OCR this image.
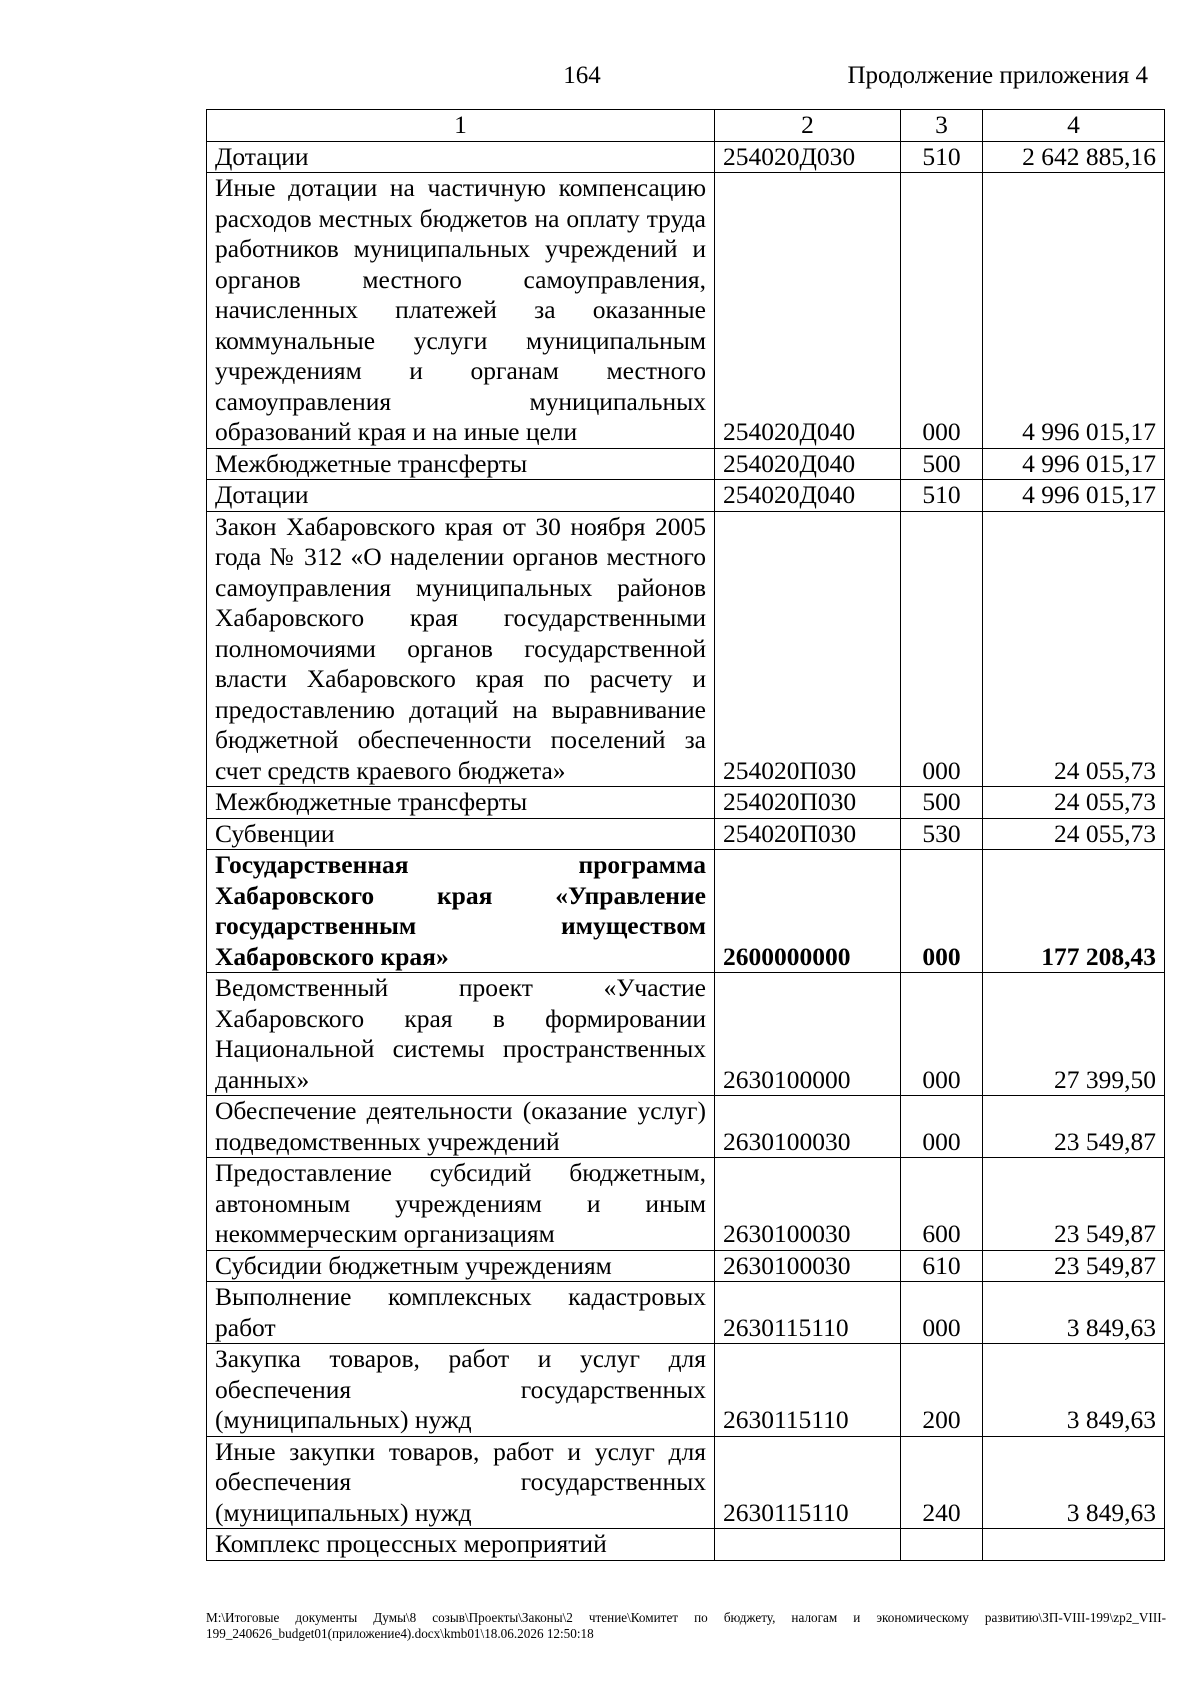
164	Продолжение приложения 4
1	2	3	4
Дотации	254020Д030	510	2 642 885,16
Иные дотации на частичную компенсацию расходов местных бюджетов на оплату труда работников муниципальных учреждений и органов местного самоуправления, начисленных платежей за оказанные коммунальные услуги муниципальным учреждениям и органам местного самоуправления муниципальных образований края и на иные цели	254020Д040	000	4 996 015,17
Межбюджетные трансферты	254020Д040	500	4 996 015,17
Дотации	254020Д040	510	4 996 015,17
Закон Хабаровского края от 30 ноября 2005 года № 312 «О наделении органов местного самоуправления муниципальных районов Хабаровского края государственными полномочиями органов государственной власти Хабаровского края по расчету и предоставлению дотаций на выравнивание бюджетной обеспеченности поселений за счет средств краевого бюджета»	254020П030	000	24 055,73
Межбюджетные трансферты	254020П030	500	24 055,73
Субвенции	254020П030	530	24 055,73
Государственная программа Хабаровского края «Управление государственным имуществом Хабаровского края»	2600000000	000	177 208,43
Ведомственный проект «Участие Хабаровского края в формировании Национальной системы пространственных данных»	2630100000	000	27 399,50
Обеспечение деятельности (оказание услуг) подведомственных учреждений	2630100030	000	23 549,87
Предоставление субсидий бюджетным, автономным учреждениям и иным некоммерческим организациям	2630100030	600	23 549,87
Субсидии бюджетным учреждениям	2630100030	610	23 549,87
Выполнение комплексных кадастровых работ	2630115110	000	3 849,63
Закупка товаров, работ и услуг для обеспечения государственных (муниципальных) нужд	2630115110	200	3 849,63
Иные закупки товаров, работ и услуг для обеспечения государственных (муниципальных) нужд	2630115110	240	3 849,63
Комплекс процессных мероприятий			
М:\Итоговые документы Думы\8 созыв\Проекты\Законы\2 чтение\Комитет по бюджету, налогам и экономическому развитию\ЗП-VIII-199\zp2_VIII-199_240626_budget01(приложение4).docx\kmb01\18.06.2026 12:50:18
